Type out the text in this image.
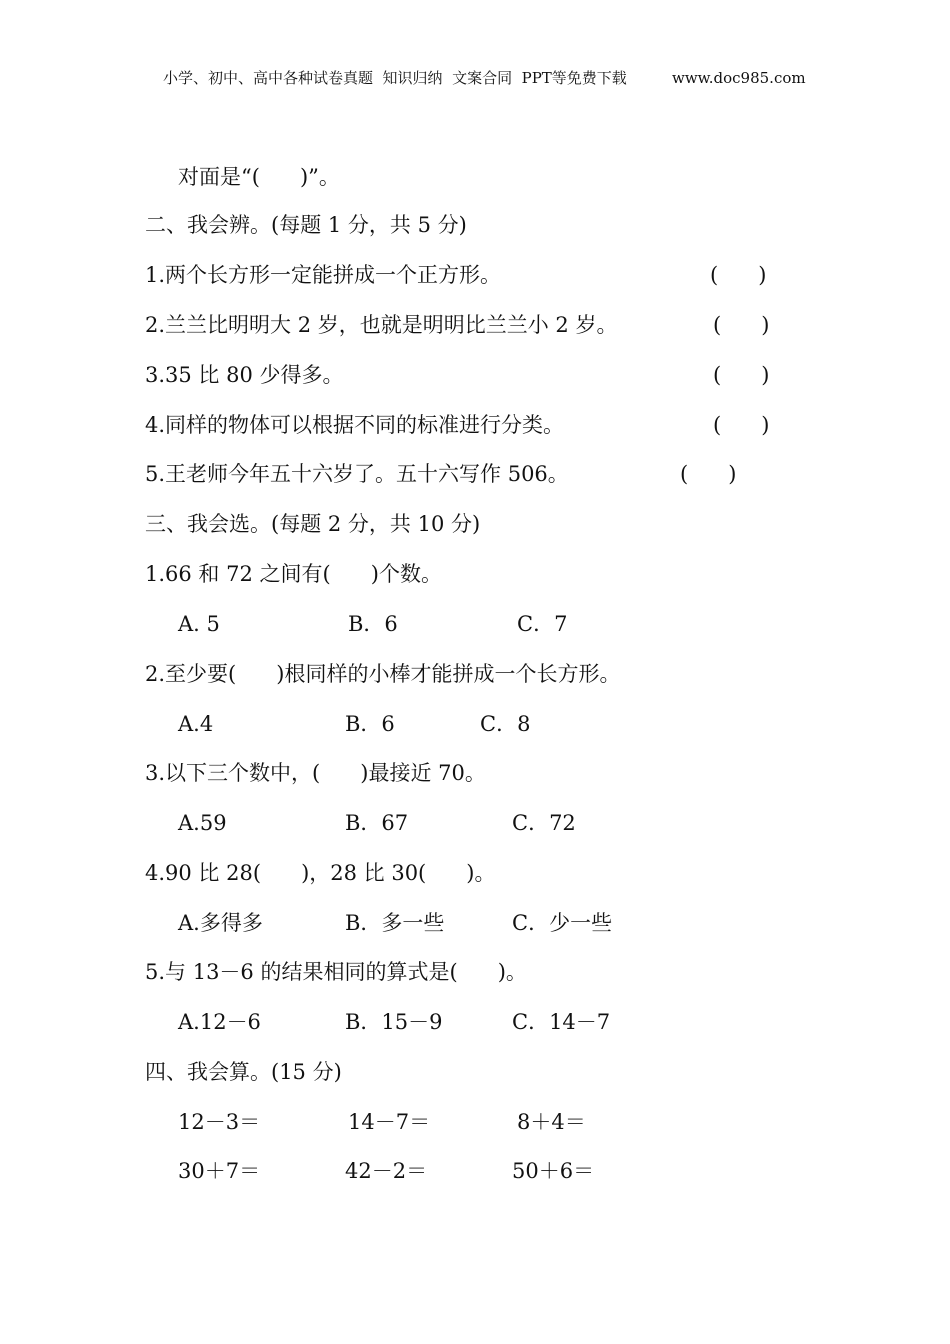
小学、初中、高中各种试卷真题  知识归纳  文案合同  PPT等免费下载	www.doc985.com
对面是“(      )”。
二、我会辨。(每题 1 分，共 5 分)
1.两个长方形一定能拼成一个正方形。	(      )
2.兰兰比明明大 2 岁，也就是明明比兰兰小 2 岁。	(      )
3.35 比 80 少得多。	(      )
4.同样的物体可以根据不同的标准进行分类。	(      )
5.王老师今年五十六岁了。五十六写作 506。	(      )
三、我会选。(每题 2 分，共 10 分)
1.66 和 72 之间有(      )个数。
A. 5	B．6	C．7
2.至少要(      )根同样的小棒才能拼成一个长方形。
A.4	B．6	C．8
3.以下三个数中，(      )最接近 70。
A.59	B．67	C．72
4.90 比 28(      )，28 比 30(      )。
A.多得多	B．多一些	C．少一些
5.与 13－6 的结果相同的算式是(      )。
A.12－6	B．15－9	C．14－7
四、我会算。(15 分)
12－3＝	14－7＝	8＋4＝
30＋7＝	42－2＝	50＋6＝
